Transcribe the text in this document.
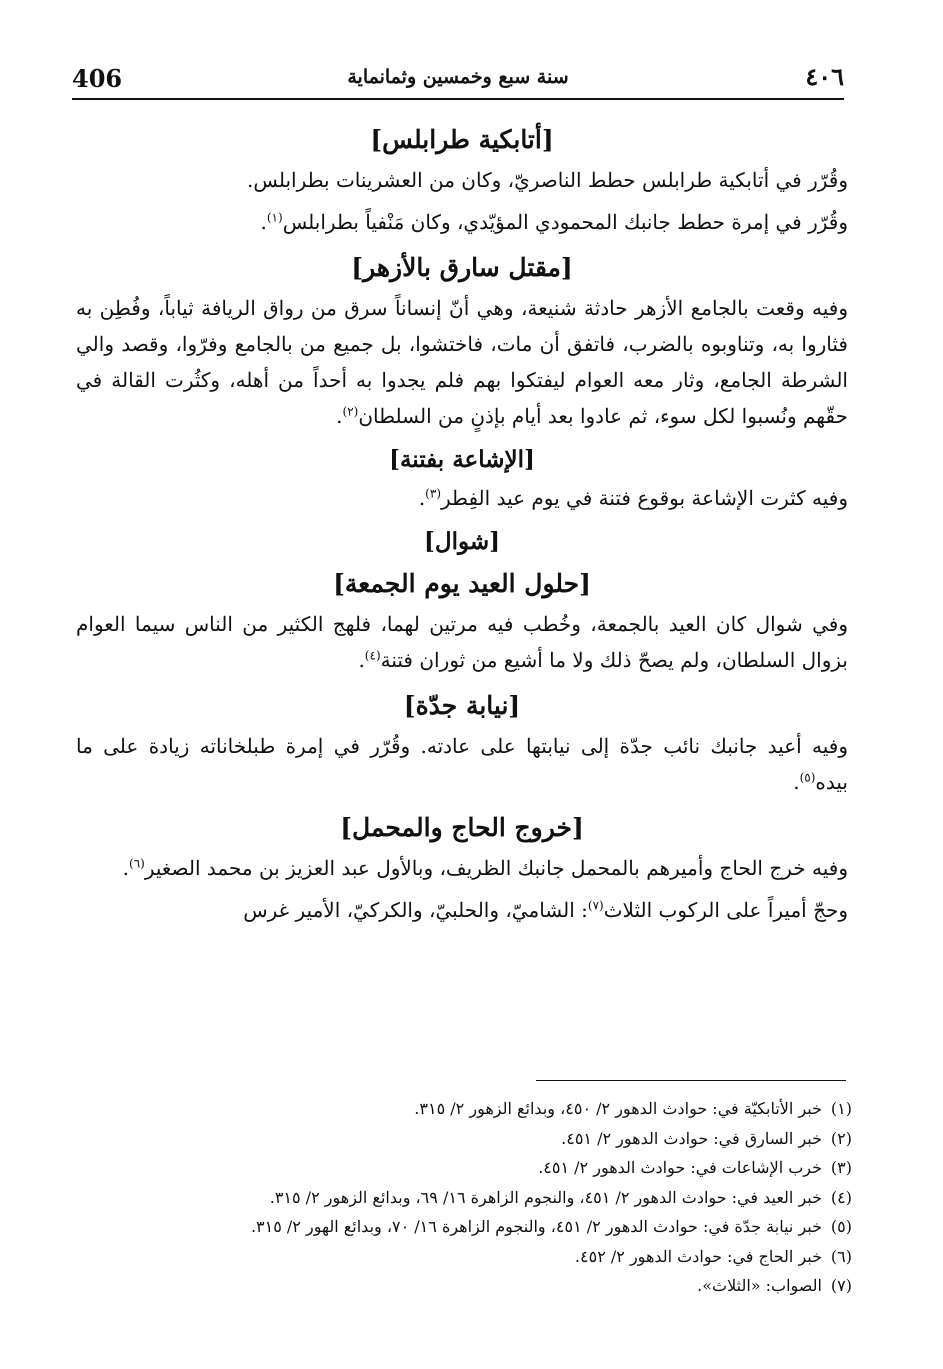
406	سنة سبع وخمسين وثمانماية	٤٠٦
[أتابكية طرابلس]

وقُرّر في أتابكية طرابلس حطط الناصريّ، وكان من العشرينات بطرابلس.

وقُرّر في إمرة حطط جانبك المحمودي المؤيّدي، وكان مَنْفياً بطرابلس$^{(١)}$.

[مقتل سارق بالأزهر]

وفيه وقعت بالجامع الأزهر حادثة شنيعة، وهي أنّ إنساناً سرق من رواق الريافة ثياباً، وفُطِن به فثاروا به، وتناوبوه بالضرب، فاتفق أن مات، فاختشوا، بل جميع من بالجامع وفرّوا، وقصد والي الشرطة الجامع، وثار معه العوام ليفتكوا بهم فلم يجدوا به أحداً من أهله، وكثُرت القالة في حقّهم ونُسبوا لكل سوء، ثم عادوا بعد أيام بإذنٍ من السلطان$^{(٢)}$.

[الإشاعة بفتنة]

وفيه كثرت الإشاعة بوقوع فتنة في يوم عيد الفِطر$^{(٣)}$.

[شوال]
[حلول العيد يوم الجمعة]

وفي شوال كان العيد بالجمعة، وخُطب فيه مرتين لهما، فلهج الكثير من الناس سيما العوام بزوال السلطان، ولم يصحّ ذلك ولا ما أشيع من ثوران فتنة$^{(٤)}$.

[نيابة جدّة]

وفيه أعيد جانبك نائب جدّة إلى نيابتها على عادته. وقُرّر في إمرة طبلخاناته زيادة على ما بيده$^{(٥)}$.

[خروج الحاج والمحمل]

وفيه خرج الحاج وأميرهم بالمحمل جانبك الظريف، وبالأول عبد العزيز بن محمد الصغير$^{(٦)}$.

وحجّ أميراً على الركوب الثلاث$^{(٧)}$: الشاميّ، والحلبيّ، والكركيّ، الأمير غرس

(١)خبر الأتابكيّة في: حوادث الدهور ٢/ ٤٥٠، وبدائع الزهور ٢/ ٣١٥.

(٢)خبر السارق في: حوادث الدهور ٢/ ٤٥١.

(٣)خرب الإشاعات في: حوادث الدهور ٢/ ٤٥١.

(٤)خبر العيد في: حوادث الدهور ٢/ ٤٥١، والنجوم الزاهرة ١٦/ ٦٩، وبدائع الزهور ٢/ ٣١٥.

(٥)خبر نيابة جدّة في: حوادث الدهور ٢/ ٤٥١، والنجوم الزاهرة ١٦/ ٧٠، وبدائع الهور ٢/ ٣١٥.

(٦)خبر الحاج في: حوادث الدهور ٢/ ٤٥٢.

(٧)الصواب: «الثلاث».
